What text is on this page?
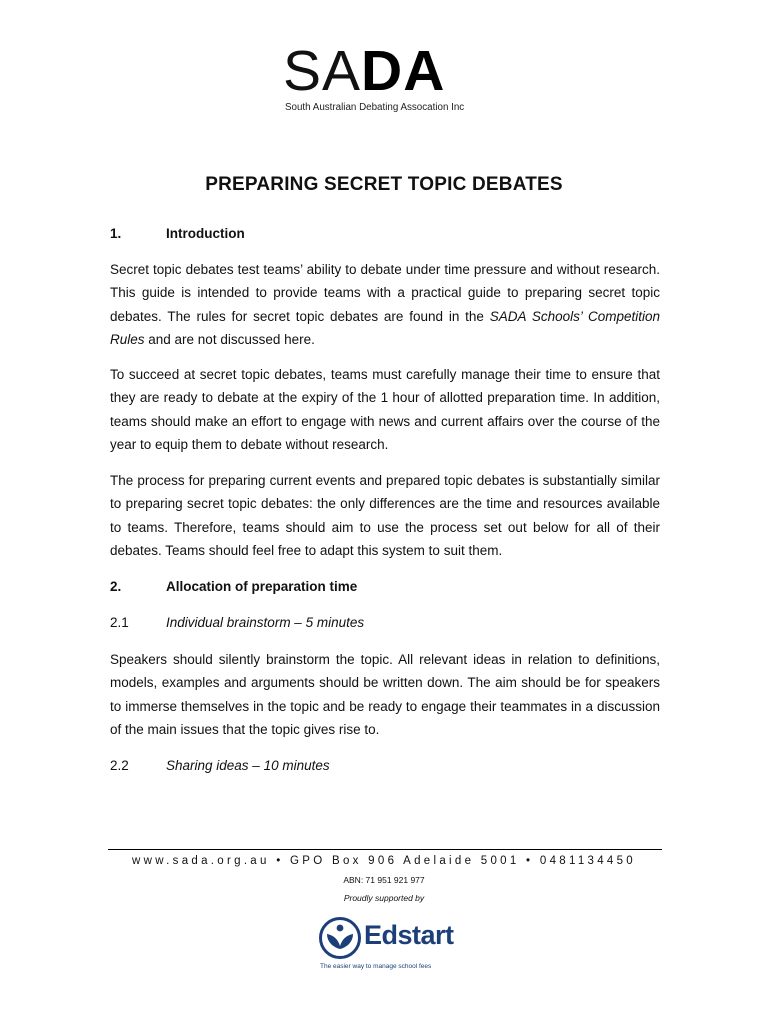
SADA
South Australian Debating Assocation Inc
PREPARING SECRET TOPIC DEBATES
1.	Introduction

Secret topic debates test teams’ ability to debate under time pressure and without research. This guide is intended to provide teams with a practical guide to preparing secret topic debates. The rules for secret topic debates are found in the SADA Schools’ Competition Rules and are not discussed here.

To succeed at secret topic debates, teams must carefully manage their time to ensure that they are ready to debate at the expiry of the 1 hour of allotted preparation time. In addition, teams should make an effort to engage with news and current affairs over the course of the year to equip them to debate without research.

The process for preparing current events and prepared topic debates is substantially similar to preparing secret topic debates: the only differences are the time and resources available to teams. Therefore, teams should aim to use the process set out below for all of their debates. Teams should feel free to adapt this system to suit them.

2.	Allocation of preparation time
2.1	Individual brainstorm – 5 minutes

Speakers should silently brainstorm the topic. All relevant ideas in relation to definitions, models, examples and arguments should be written down. The aim should be for speakers to immerse themselves in the topic and be ready to engage their teammates in a discussion of the main issues that the topic gives rise to.

2.2	Sharing ideas – 10 minutes
www.sada.org.au • GPO Box 906 Adelaide 5001 • 0481134450
ABN: 71 951 921 977
Proudly supported by
Edstart
The easier way to manage school fees
